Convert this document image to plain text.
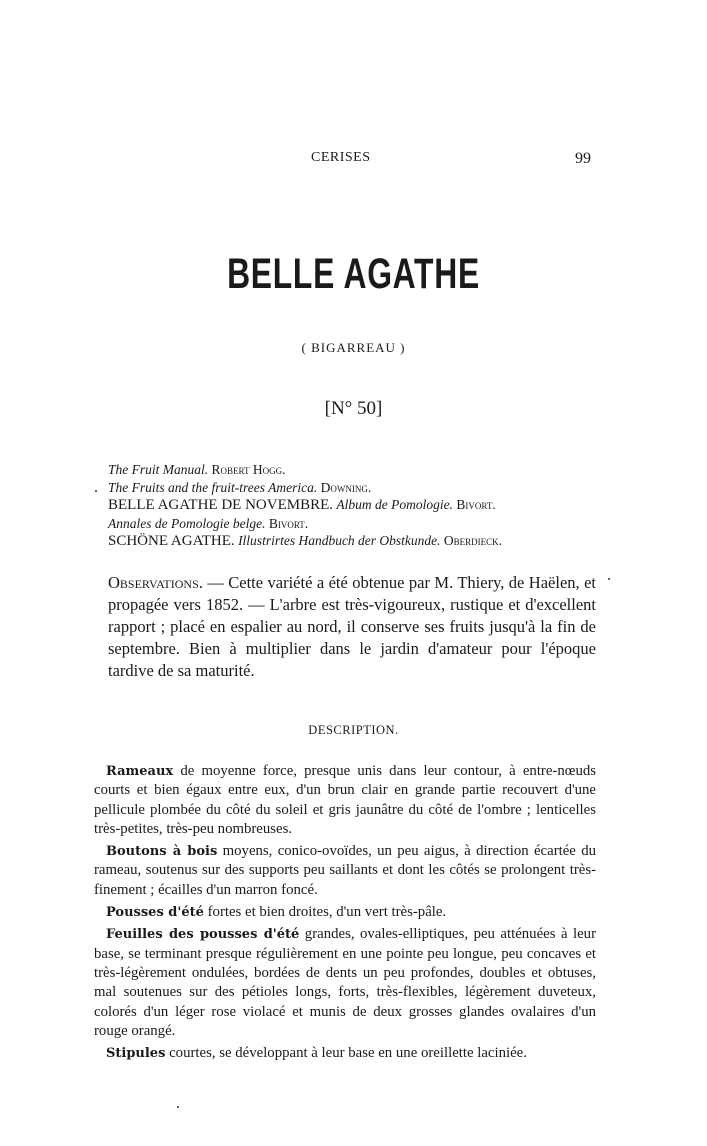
CERISES	99
BELLE AGATHE
( BIGARREAU )
[N° 50]
The Fruit Manual. Robert Hogg.
The Fruits and the fruit-trees America. Downing.
BELLE AGATHE DE NOVEMBRE. Album de Pomologie. Bivort.
Annales de Pomologie belge. Bivort.
SCHÖNE AGATHE. Illustrirtes Handbuch der Obstkunde. Oberdieck.
Observations. — Cette variété a été obtenue par M. Thiery, de Haëlen, et propagée vers 1852. — L'arbre est très-vigoureux, rustique et d'excellent rapport ; placé en espalier au nord, il conserve ses fruits jusqu'à la fin de septembre. Bien à multiplier dans le jardin d'amateur pour l'époque tardive de sa maturité.
DESCRIPTION.

Rameaux de moyenne force, presque unis dans leur contour, à entre-nœuds courts et bien égaux entre eux, d'un brun clair en grande partie recouvert d'une pellicule plombée du côté du soleil et gris jaunâtre du côté de l'ombre ; lenticelles très-petites, très-peu nombreuses.

Boutons à bois moyens, conico-ovoïdes, un peu aigus, à direction écartée du rameau, soutenus sur des supports peu saillants et dont les côtés se prolongent très-finement ; écailles d'un marron foncé.

Pousses d'été fortes et bien droites, d'un vert très-pâle.

Feuilles des pousses d'été grandes, ovales-elliptiques, peu atténuées à leur base, se terminant presque régulièrement en une pointe peu longue, peu concaves et très-légèrement ondulées, bordées de dents un peu profondes, doubles et obtuses, mal soutenues sur des pétioles longs, forts, très-flexibles, légèrement duveteux, colorés d'un léger rose violacé et munis de deux grosses glandes ovalaires d'un rouge orangé.

Stipules courtes, se développant à leur base en une oreillette laciniée.
